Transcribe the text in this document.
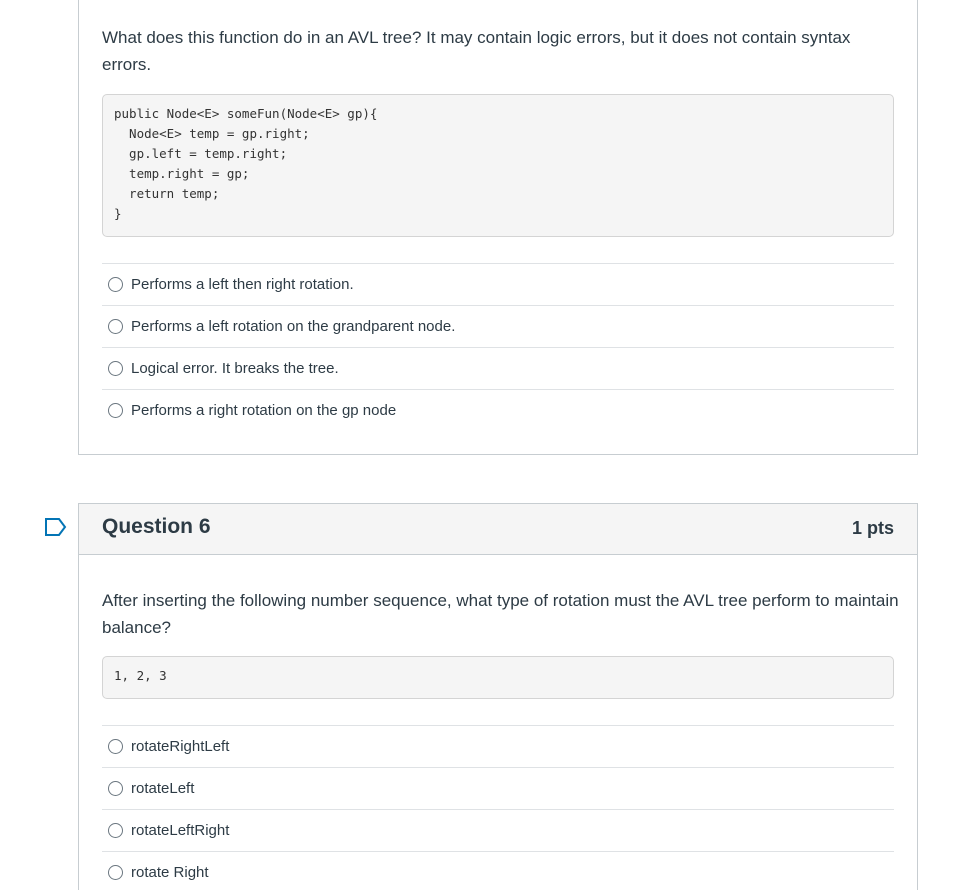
What does this function do in an AVL tree? It may contain logic errors, but it does not contain syntax errors.
public Node<E> someFun(Node<E> gp){
Node<E> temp = gp.right;
gp.left = temp.right;
temp.right = gp;
return temp;
}
Performs a left then right rotation.
Performs a left rotation on the grandparent node.
Logical error. It breaks the tree.
Performs a right rotation on the gp node
Question 6	1 pts
After inserting the following number sequence, what type of rotation must the AVL tree perform to maintain balance?
1, 2, 3
rotateRightLeft
rotateLeft
rotateLeftRight
rotate Right
